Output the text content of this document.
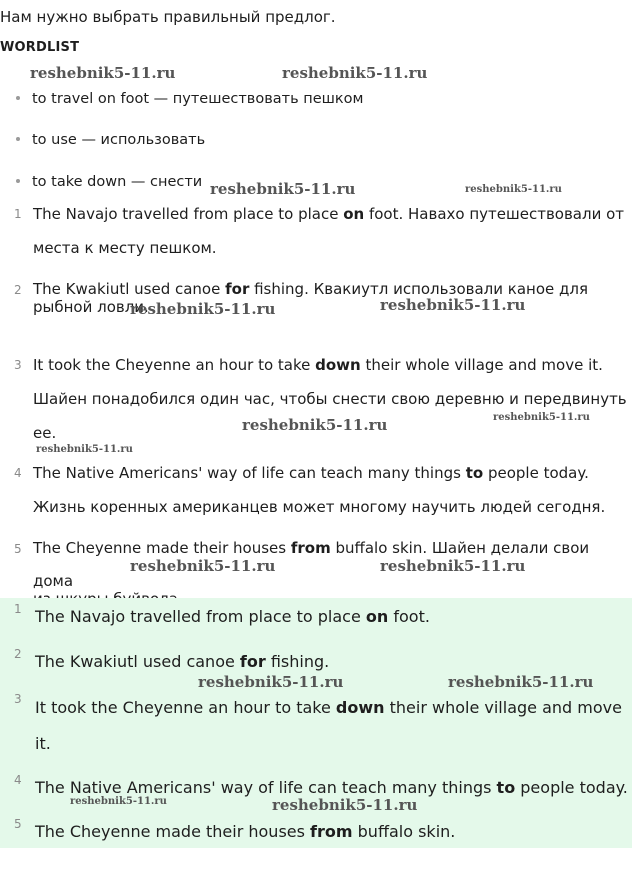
Нам нужно выбрать правильный предлог.
WORDLIST
to travel on foot — путешествовать пешком
to use — использовать
to take down — снести
1 The Navajo travelled from place to place on foot. Навахо путешествовали от места к месту пешком.
2 The Kwakiutl used canoe for fishing. Квакиутл использовали каное для
рыбной ловли.
3 It took the Cheyenne an hour to take down their whole village and move it. Шайен понадобился один час, чтобы снести свою деревню и передвинуть ее.
4 The Native Americans' way of life can teach many things to people today. Жизнь коренных американцев может многому научить людей сегодня.
5 The Cheyenne made their houses from buffalo skin. Шайен делали свои дома
1 The Navajo travelled from place to place on foot.
2 The Kwakiutl used canoe for fishing.
3 It took the Cheyenne an hour to take down their whole village and move it.
4 The Native Americans' way of life can teach many things to people today.
5 The Cheyenne made their houses from buffalo skin.
reshebnik5-11.ru	reshebnik5-11.ru
reshebnik5-11.ru	reshebnik5-11.ru
reshebnik5-11.ru	reshebnik5-11.ru
reshebnik5-11.ru	reshebnik5-11.ru
reshebnik5-11.ru
reshebnik5-11.ru	reshebnik5-11.ru
reshebnik5-11.ru	reshebnik5-11.ru
reshebnik5-11.ru	reshebnik5-11.ru
